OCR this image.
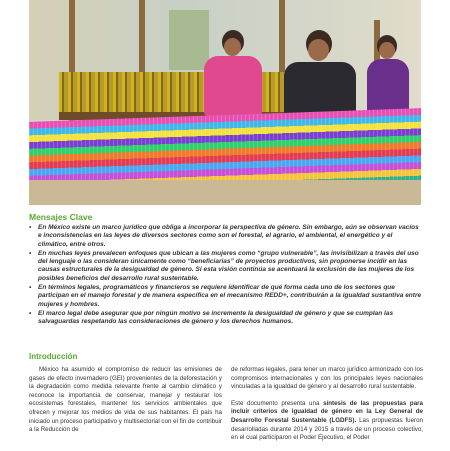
Mensajes Clave
• En México existe un marco jurídico que obliga a incorporar la perspectiva de género. Sin embargo, aún se observan vacíos e inconsistencias en las leyes de diversos sectores como son el forestal, el agrario, el ambiental, el energético y el climático, entre otros.
• En muchas leyes prevalecen enfoques que ubican a las mujeres como “grupo vulnerable”, las invisibilizan a través del uso del lenguaje o las consideran únicamente como “beneficiarias” de proyectos productivos, sin proponerse incidir en las causas estructurales de la desigualdad de género. Si esta visión continúa se acentuará la exclusión de las mujeres de los posibles beneficios del desarrollo rural sustentable.
• En términos legales, programáticos y financieros se requiere identificar de qué forma cada uno de los sectores que participan en el manejo forestal y de manera específica en el mecanismo REDD+, contribuirán a la igualdad sustantiva entre mujeres y hombres.
• El marco legal debe asegurar que por ningún motivo se incremente la desigualdad de género y que se cumplan las salvaguardas respetando las consideraciones de género y los derechos humanos.
Introducción

México ha asumido el compromiso de reducir las emisiones de gases de efecto invernadero (GEI) provenientes de la deforestación y la degradación como medida relevante frente al cambio climático y reconoce la importancia de conservar, manejar y restaurar los ecosistemas forestales, mantener los servicios ambientales que ofrecen y mejorar los medios de vida de sus habitantes. El país ha iniciado un proceso participativo y multisectorial con el fin de contribuir a la Reducción de

de reformas legales, para tener un marco jurídico armonizado con los compromisos internacionales y con los principales leyes nacionales vinculadas a la igualdad de género y al desarrollo rural sustentable.

Este documento presenta una síntesis de las propuestas para incluir criterios de igualdad de género en la Ley General de Desarrollo Forestal Sustentable (LGDFS). Las propuestas fueron desarrolladas durante 2014 y 2015 a través de un proceso colectivo, en el cual participaron el Poder Ejecutivo, el Poder
